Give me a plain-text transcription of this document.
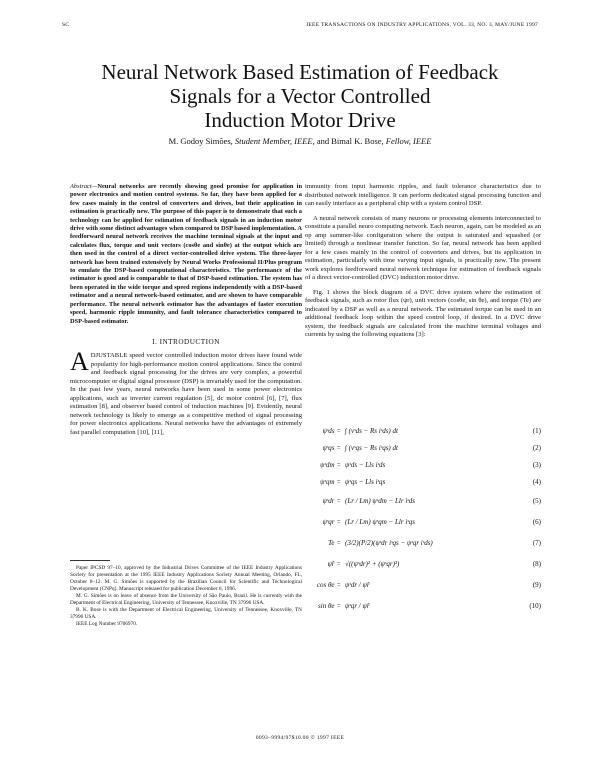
SC	IEEE TRANSACTIONS ON INDUSTRY APPLICATIONS, VOL. 33, NO. 3, MAY/JUNE 1997
Neural Network Based Estimation of Feedback
Signals for a Vector Controlled
Induction Motor Drive
M. Godoy Simões, Student Member, IEEE, and Bimal K. Bose, Fellow, IEEE
Abstract—Neural networks are recently showing good promise for application in power electronics and motion control systems. So far, they have been applied for a few cases mainly in the control of converters and drives, but their application in estimation is practically new. The purpose of this paper is to demonstrate that such a technology can be applied for estimation of feedback signals in an induction motor drive with some distinct advantages when compared to DSP based implementation. A feedforward neural network receives the machine terminal signals at the input and calculates flux, torque and unit vectors (cosθe and sinθe) at the output which are then used in the control of a direct vector-controlled drive system. The three-layer network has been trained extensively by Neural Works Professional II/Plus program to emulate the DSP-based computational characteristics. The performance of the estimator is good and is comparable to that of DSP-based estimation. The system has been operated in the wide torque and speed regions independently with a DSP-based estimator and a neural network-based estimator, and are shown to have comparable performance. The neural network estimator has the advantages of faster execution speed, harmonic ripple immunity, and fault tolerance characteristics compared to DSP-based estimator.
I. INTRODUCTION

ADJUSTABLE speed vector controlled induction motor drives have found wide popularity for high-performance motion control applications. Since the control and feedback signal processing for the drives are very complex, a powerful microcomputer or digital signal processor (DSP) is invariably used for the computation. In the past few years, neural networks have been used in some power electronics applications, such as inverter current regulation [5], dc motor control [6], [7], flux estimation [8], and observer based control of induction machines [9]. Evidently, neural network technology is likely to emerge as a competitive method of signal processing for power electronics applications. Neural networks have the advantages of extremely fast parallel computation [10], [11],

Paper IPCSD 97–10, approved by the Industrial Drives Committee of the IEEE Industry Applications Society for presentation at the 1995 IEEE Industry Applications Society Annual Meeting, Orlando, FL, October 8–12. M. G. Simões is supported by the Brazilian Council for Scientific and Technological Development (CNPq). Manuscript released for publication December 6, 1996.

M. G. Simões is on leave of absence from the University of São Paulo, Brazil. He is currently with the Department of Electrical Engineering, University of Tennessee, Knoxville, TN 37996 USA.

B. K. Bose is with the Department of Electrical Engineering, University of Tennessee, Knoxville, TN 37996 USA.

IEEE Log Number 9706970.

immunity from input harmonic ripples, and fault tolerance characteristics due to distributed network intelligence. It can perform dedicated signal processing function and can easily interface as a peripheral chip with a system control DSP.

A neural network consists of many neurons or processing elements interconnected to constitute a parallel neuro computing network. Each neuron, again, can be modeled as an op amp summer-like configuration where the output is saturated and squashed (or limited) through a nonlinear transfer function. So far, neural network has been applied for a few cases mainly in the control of converters and drives, but its application in estimation, particularly with time varying input signals, is practically new. The present work explores feedforward neural network technique for estimation of feedback signals of a direct vector-controlled (DVC) induction motor drive.

Fig. 1 shows the block diagram of a DVC drive system where the estimation of feedback signals, such as rotor flux (ψr), unit vectors (cosθe, sin θe), and torque (Te) are indicated by a DSP as well as a neural network. The estimated torque can be used in an additional feedback loop within the speed control loop, if desired. In a DVC drive system, the feedback signals are calculated from the machine terminal voltages and currents by using the following equations [3]:

ψˢds = ∫ (vˢds − Rs iˢds) dt	(1)
ψˢqs = ∫ (vˢqs − Rs iˢqs) dt	(2)
ψˢdm = ψˢds − Lls iˢds	(3)
ψˢqm = ψˢqs − Lls iˢqs	(4)
ψˢdr = (Lr / Lm) ψˢdm − Llr iˢds	(5)
ψˢqr = (Lr / Lm) ψˢqm − Llr iˢqs	(6)
Te = (3/2)(P/2)(ψˢdr iˢqs − ψˢqr iˢds)	(7)
ψ̂r = √((ψˢdr)² + (ψˢqr)²)	(8)
cos θe = ψˢdr / ψ̂r	(9)
sin θe = ψˢqr / ψ̂r	(10)
0093–9994/97$10.00 © 1997 IEEE
